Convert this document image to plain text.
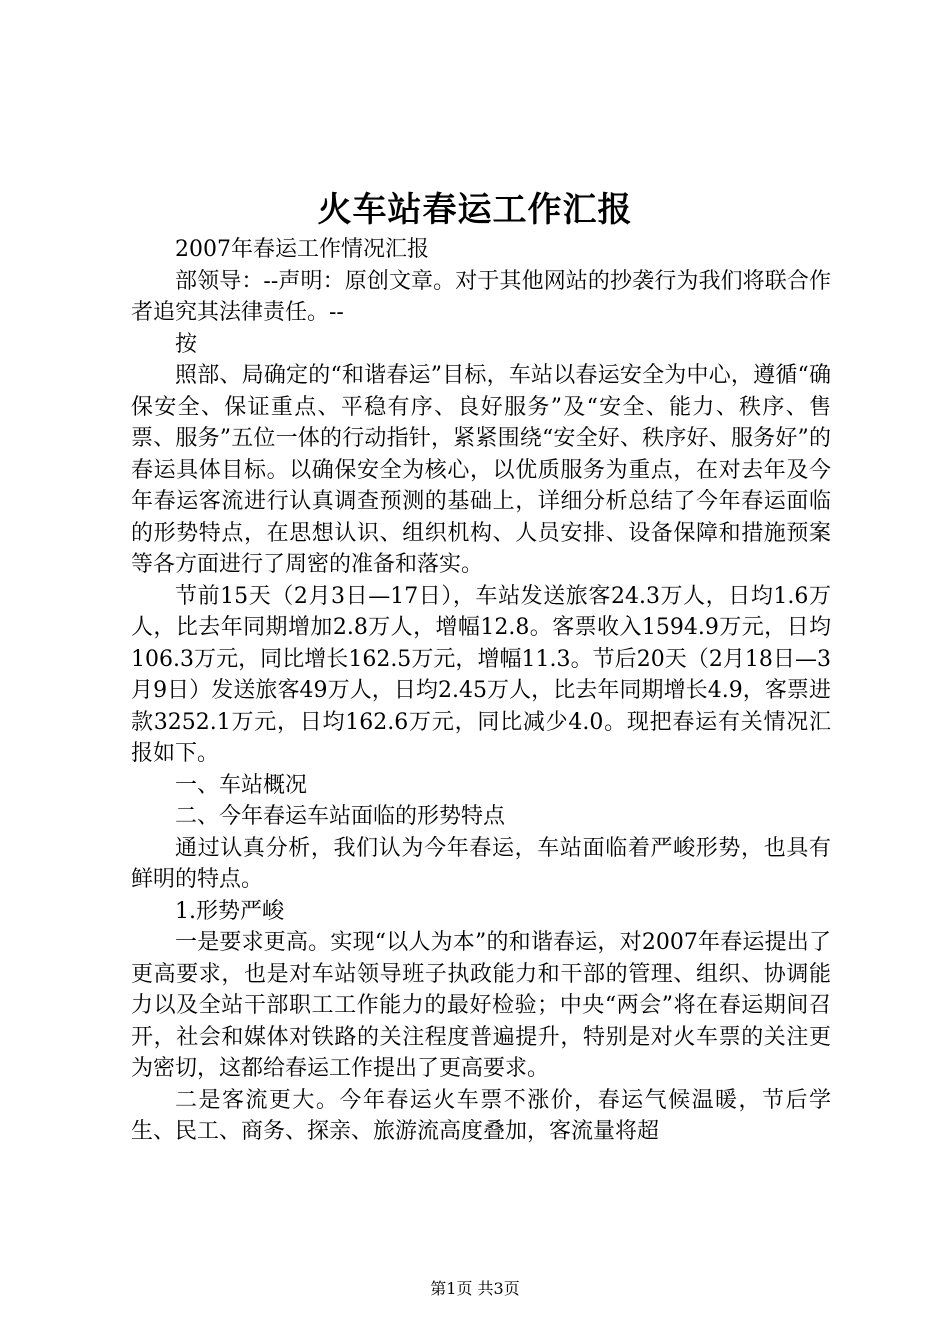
火车站春运工作汇报

2007年春运工作情况汇报

部领导：--声明：原创文章。对于其他网站的抄袭行为我们将联合作者追究其法律责任。--

按

照部、局确定的“和谐春运”目标，车站以春运安全为中心，遵循“确保安全、保证重点、平稳有序、良好服务”及“安全、能力、秩序、售票、服务”五位一体的行动指针，紧紧围绕“安全好、秩序好、服务好”的春运具体目标。以确保安全为核心，以优质服务为重点，在对去年及今年春运客流进行认真调查预测的基础上，详细分析总结了今年春运面临的形势特点，在思想认识、组织机构、人员安排、设备保障和措施预案等各方面进行了周密的准备和落实。

节前15天（2月3日—17日），车站发送旅客24.3万人，日均1.6万人，比去年同期增加2.8万人，增幅12.8。客票收入1594.9万元，日均106.3万元，同比增长162.5万元，增幅11.3。节后20天（2月18日—3月9日）发送旅客49万人，日均2.45万人，比去年同期增长4.9，客票进款3252.1万元，日均162.6万元，同比减少4.0。现把春运有关情况汇报如下。

一、车站概况

二、今年春运车站面临的形势特点

通过认真分析，我们认为今年春运，车站面临着严峻形势，也具有鲜明的特点。

1.形势严峻

一是要求更高。实现“以人为本”的和谐春运，对2007年春运提出了更高要求，也是对车站领导班子执政能力和干部的管理、组织、协调能力以及全站干部职工工作能力的最好检验；中央“两会”将在春运期间召开，社会和媒体对铁路的关注程度普遍提升，特别是对火车票的关注更为密切，这都给春运工作提出了更高要求。

二是客流更大。今年春运火车票不涨价，春运气候温暖，节后学生、民工、商务、探亲、旅游流高度叠加，客流量将超

第1页 共3页
